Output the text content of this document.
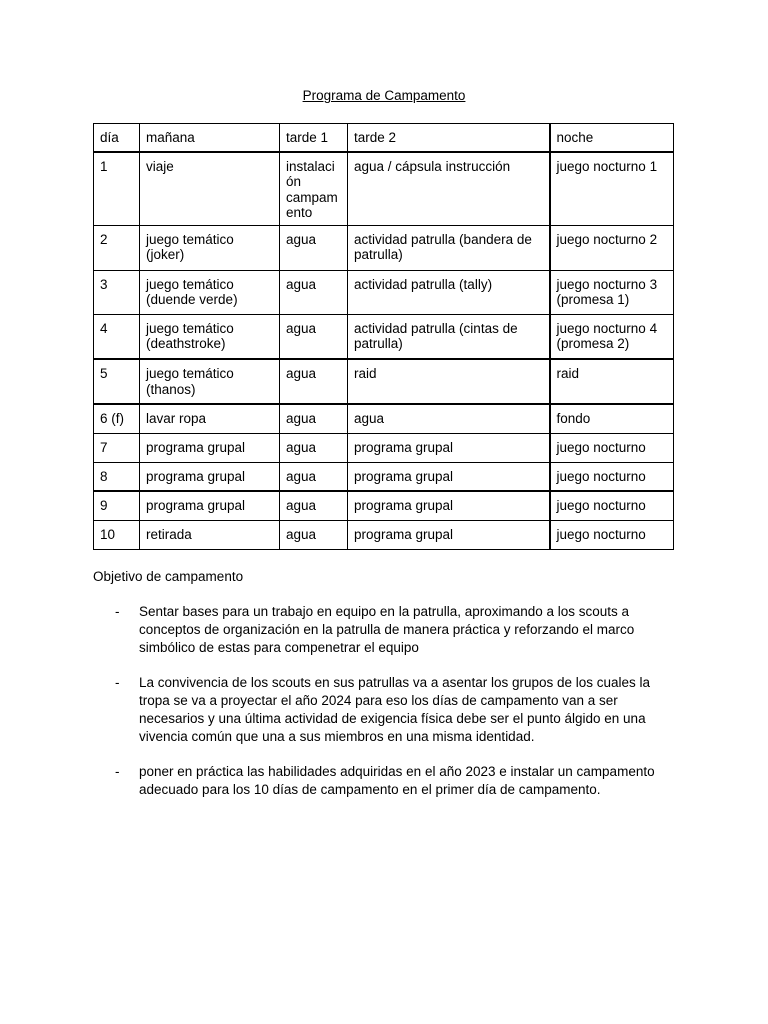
Programa de Campamento
día	mañana	tarde 1	tarde 2	noche
1	viaje	instalación campamento	agua / cápsula instrucción	juego nocturno 1
2	juego temático (joker)	agua	actividad patrulla (bandera de patrulla)	juego nocturno 2
3	juego temático (duende verde)	agua	actividad patrulla (tally)	juego nocturno 3 (promesa 1)
4	juego temático (deathstroke)	agua	actividad patrulla (cintas de patrulla)	juego nocturno 4 (promesa 2)
5	juego temático (thanos)	agua	raid	raid
6 (f)	lavar ropa	agua	agua	fondo
7	programa grupal	agua	programa grupal	juego nocturno
8	programa grupal	agua	programa grupal	juego nocturno
9	programa grupal	agua	programa grupal	juego nocturno
10	retirada	agua	programa grupal	juego nocturno
Objetivo de campamento
- Sentar bases para un trabajo en equipo en la patrulla, aproximando a los scouts a conceptos de organización en la patrulla de manera práctica y reforzando el marco simbólico de estas para compenetrar el equipo
- La convivencia de los scouts en sus patrullas va a asentar los grupos de los cuales la tropa se va a proyectar el año 2024 para eso los días de campamento van a ser necesarios y una última actividad de exigencia física debe ser el punto álgido en una vivencia común que una a sus miembros en una misma identidad.
- poner en práctica las habilidades adquiridas en el año 2023 e instalar un campamento adecuado para los 10 días de campamento en el primer día de campamento.
